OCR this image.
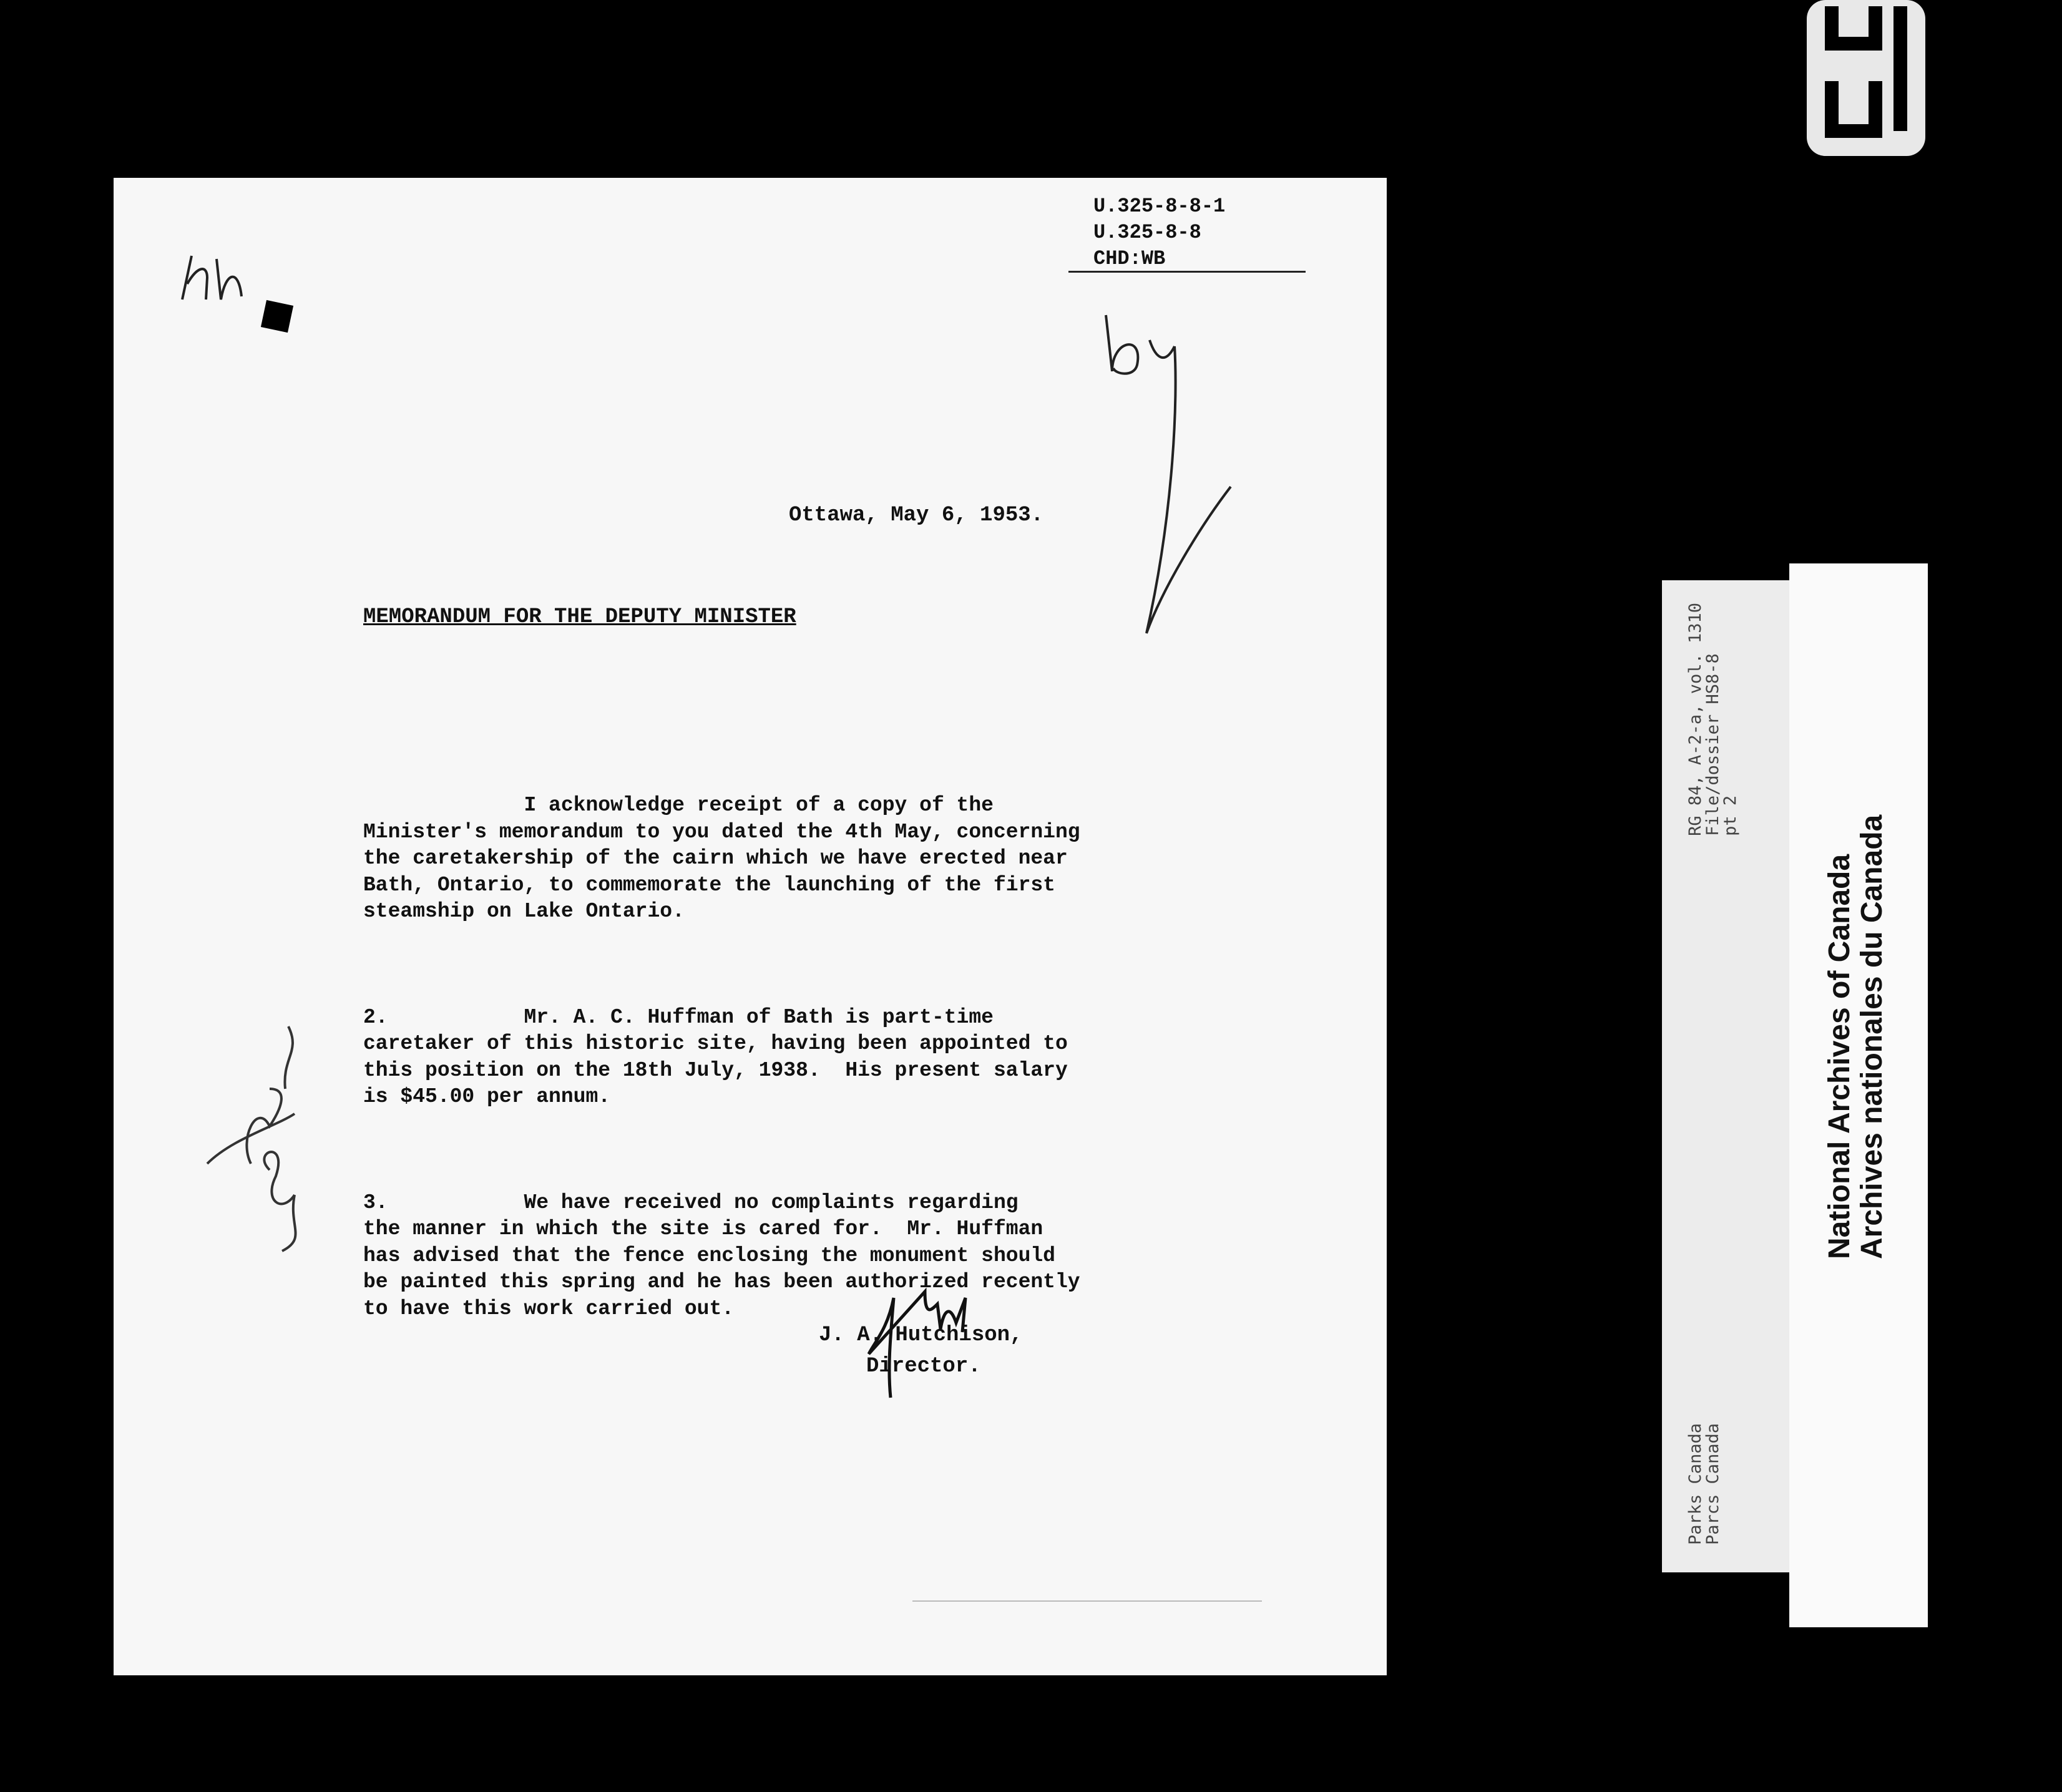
U.325-8-8-1
U.325-8-8
CHD:WB
Ottawa, May 6, 1953.
MEMORANDUM FOR THE DEPUTY MINISTER

I acknowledge receipt of a copy of the
Minister's memorandum to you dated the 4th May, concerning
the caretakership of the cairn which we have erected near
Bath, Ontario, to commemorate the launching of the first
steamship on Lake Ontario.

2.           Mr. A. C. Huffman of Bath is part-time
caretaker of this historic site, having been appointed to
this position on the 18th July, 1938.  His present salary
is $45.00 per annum.

3.           We have received no complaints regarding
the manner in which the site is cared for.  Mr. Huffman
has advised that the fence enclosing the monument should
be painted this spring and he has been authorized recently
to have this work carried out.

J. A. Hutchison,
Director.
RG 84, A-2-a, vol. 1310
File/dossier HS8-8
pt 2
Parks Canada
Parcs Canada
National Archives of Canada
Archives nationales du Canada
